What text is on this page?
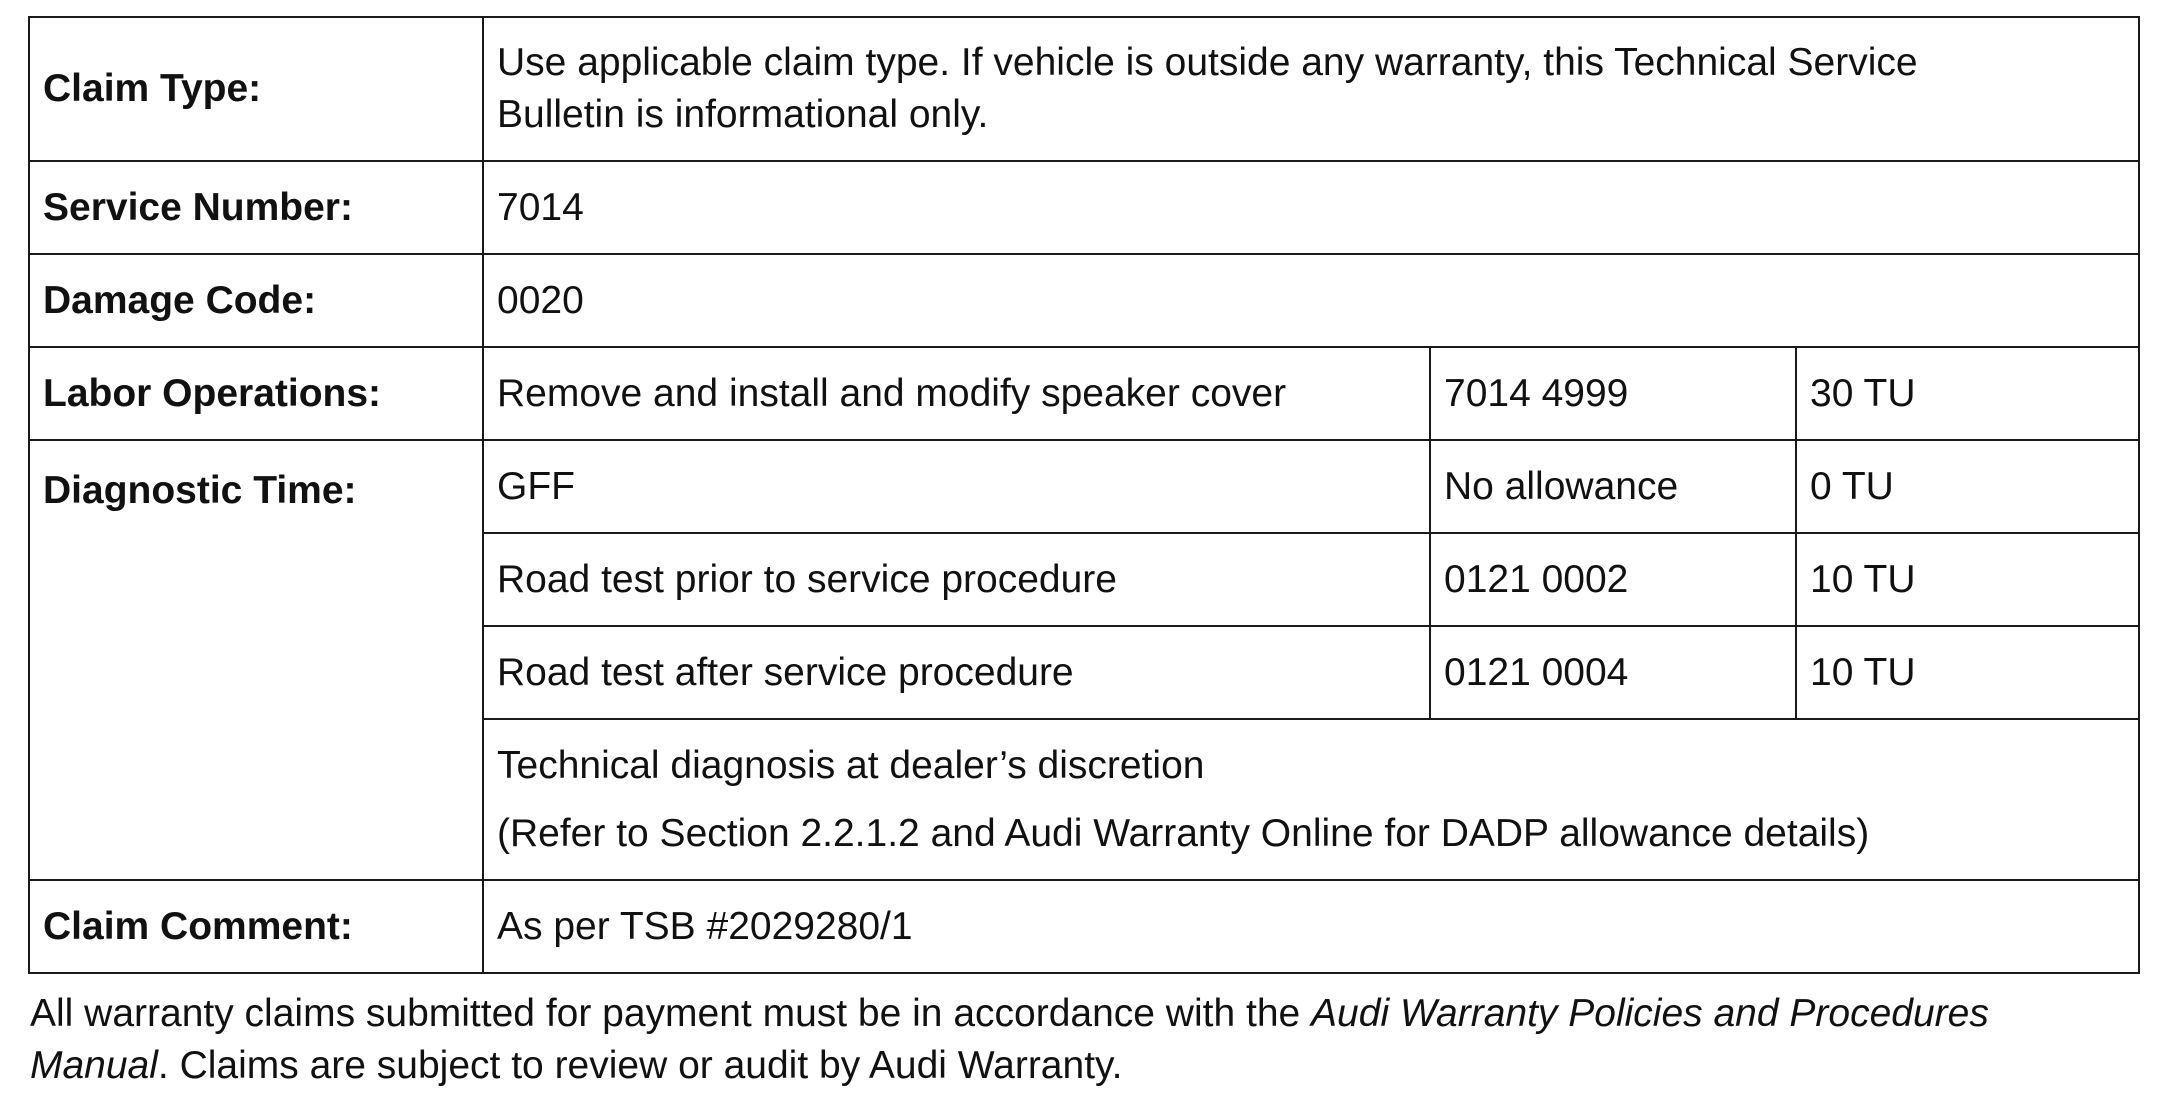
Claim Type:	Use applicable claim type. If vehicle is outside any warranty, this Technical Service
Bulletin is informational only.		

Service Number:	7014		
Damage Code:	0020		
Labor Operations:	Remove and install and modify speaker cover	7014 4999	30 TU
Diagnostic Time:	GFF	No allowance	0 TU
	Road test prior to service procedure	0121 0002	10 TU
	Road test after service procedure	0121 0004	10 TU

	Technical diagnosis at dealer’s discretion
(Refer to Section 2.2.1.2 and Audi Warranty Online for DADP allowance details)		

Claim Comment:	As per TSB #2029280/1		

All warranty claims submitted for payment must be in accordance with the Audi Warranty Policies and Procedures
Manual. Claims are subject to review or audit by Audi Warranty.
